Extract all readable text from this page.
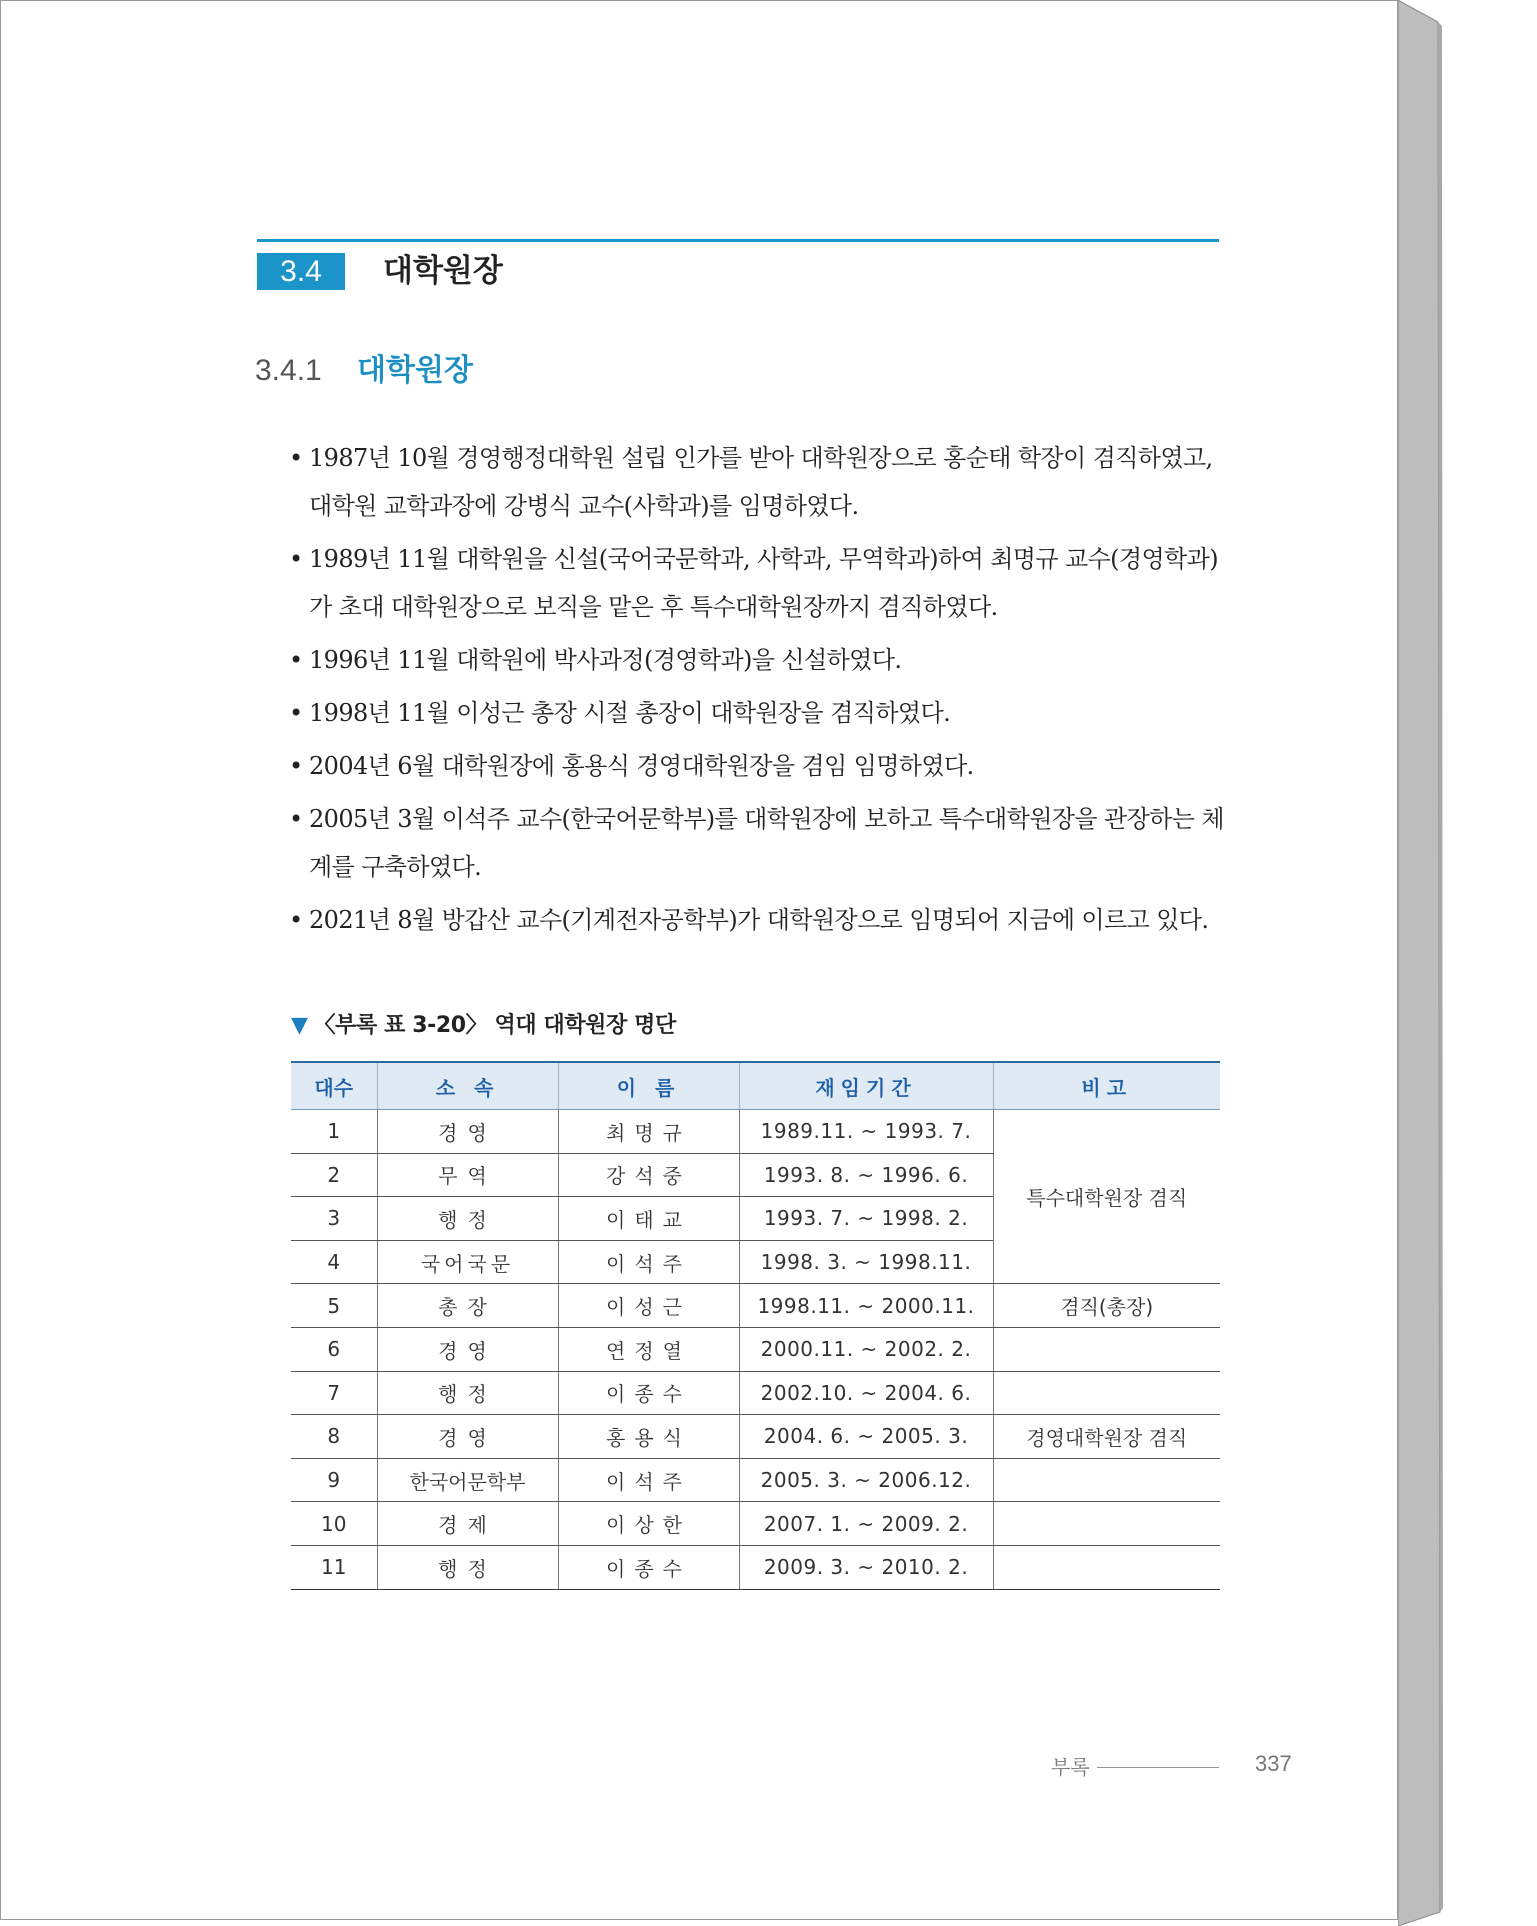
3.4	대학원장
3.4.1 대학원장
• 1987년 10월 경영행정대학원 설립 인가를 받아 대학원장으로 홍순태 학장이 겸직하였고, 대학원 교학과장에 강병식 교수(사학과)를 임명하였다.
• 1989년 11월 대학원을 신설(국어국문학과, 사학과, 무역학과)하여 최명규 교수(경영학과)가 초대 대학원장으로 보직을 맡은 후 특수대학원장까지 겸직하였다.
• 1996년 11월 대학원에 박사과정(경영학과)을 신설하였다.
• 1998년 11월 이성근 총장 시절 총장이 대학원장을 겸직하였다.
• 2004년 6월 대학원장에 홍용식 경영대학원장을 겸임 임명하였다.
• 2005년 3월 이석주 교수(한국어문학부)를 대학원장에 보하고 특수대학원장을 관장하는 체계를 구축하였다.
• 2021년 8월 방갑산 교수(기계전자공학부)가 대학원장으로 임명되어 지금에 이르고 있다.
▼ 〈부록 표 3-20〉 역대 대학원장 명단
대수	소 속	이 름	재임기간	비고
1	경영	최명규	1989.11. ~ 1993. 7.	특수대학원장 겸직
2	무역	강석중	1993. 8. ~ 1996. 6.	
3	행정	이태교	1993. 7. ~ 1998. 2.	
4	국어국문	이석주	1998. 3. ~ 1998.11.	
5	총장	이성근	1998.11. ~ 2000.11.	겸직(총장)
6	경영	연정열	2000.11. ~ 2002. 2.	
7	행정	이종수	2002.10. ~ 2004. 6.	
8	경영	홍용식	2004. 6. ~ 2005. 3.	경영대학원장 겸직
9	한국어문학부	이석주	2005. 3. ~ 2006.12.	
10	경제	이상한	2007. 1. ~ 2009. 2.	
11	행정	이종수	2009. 3. ~ 2010. 2.	
부록	337
